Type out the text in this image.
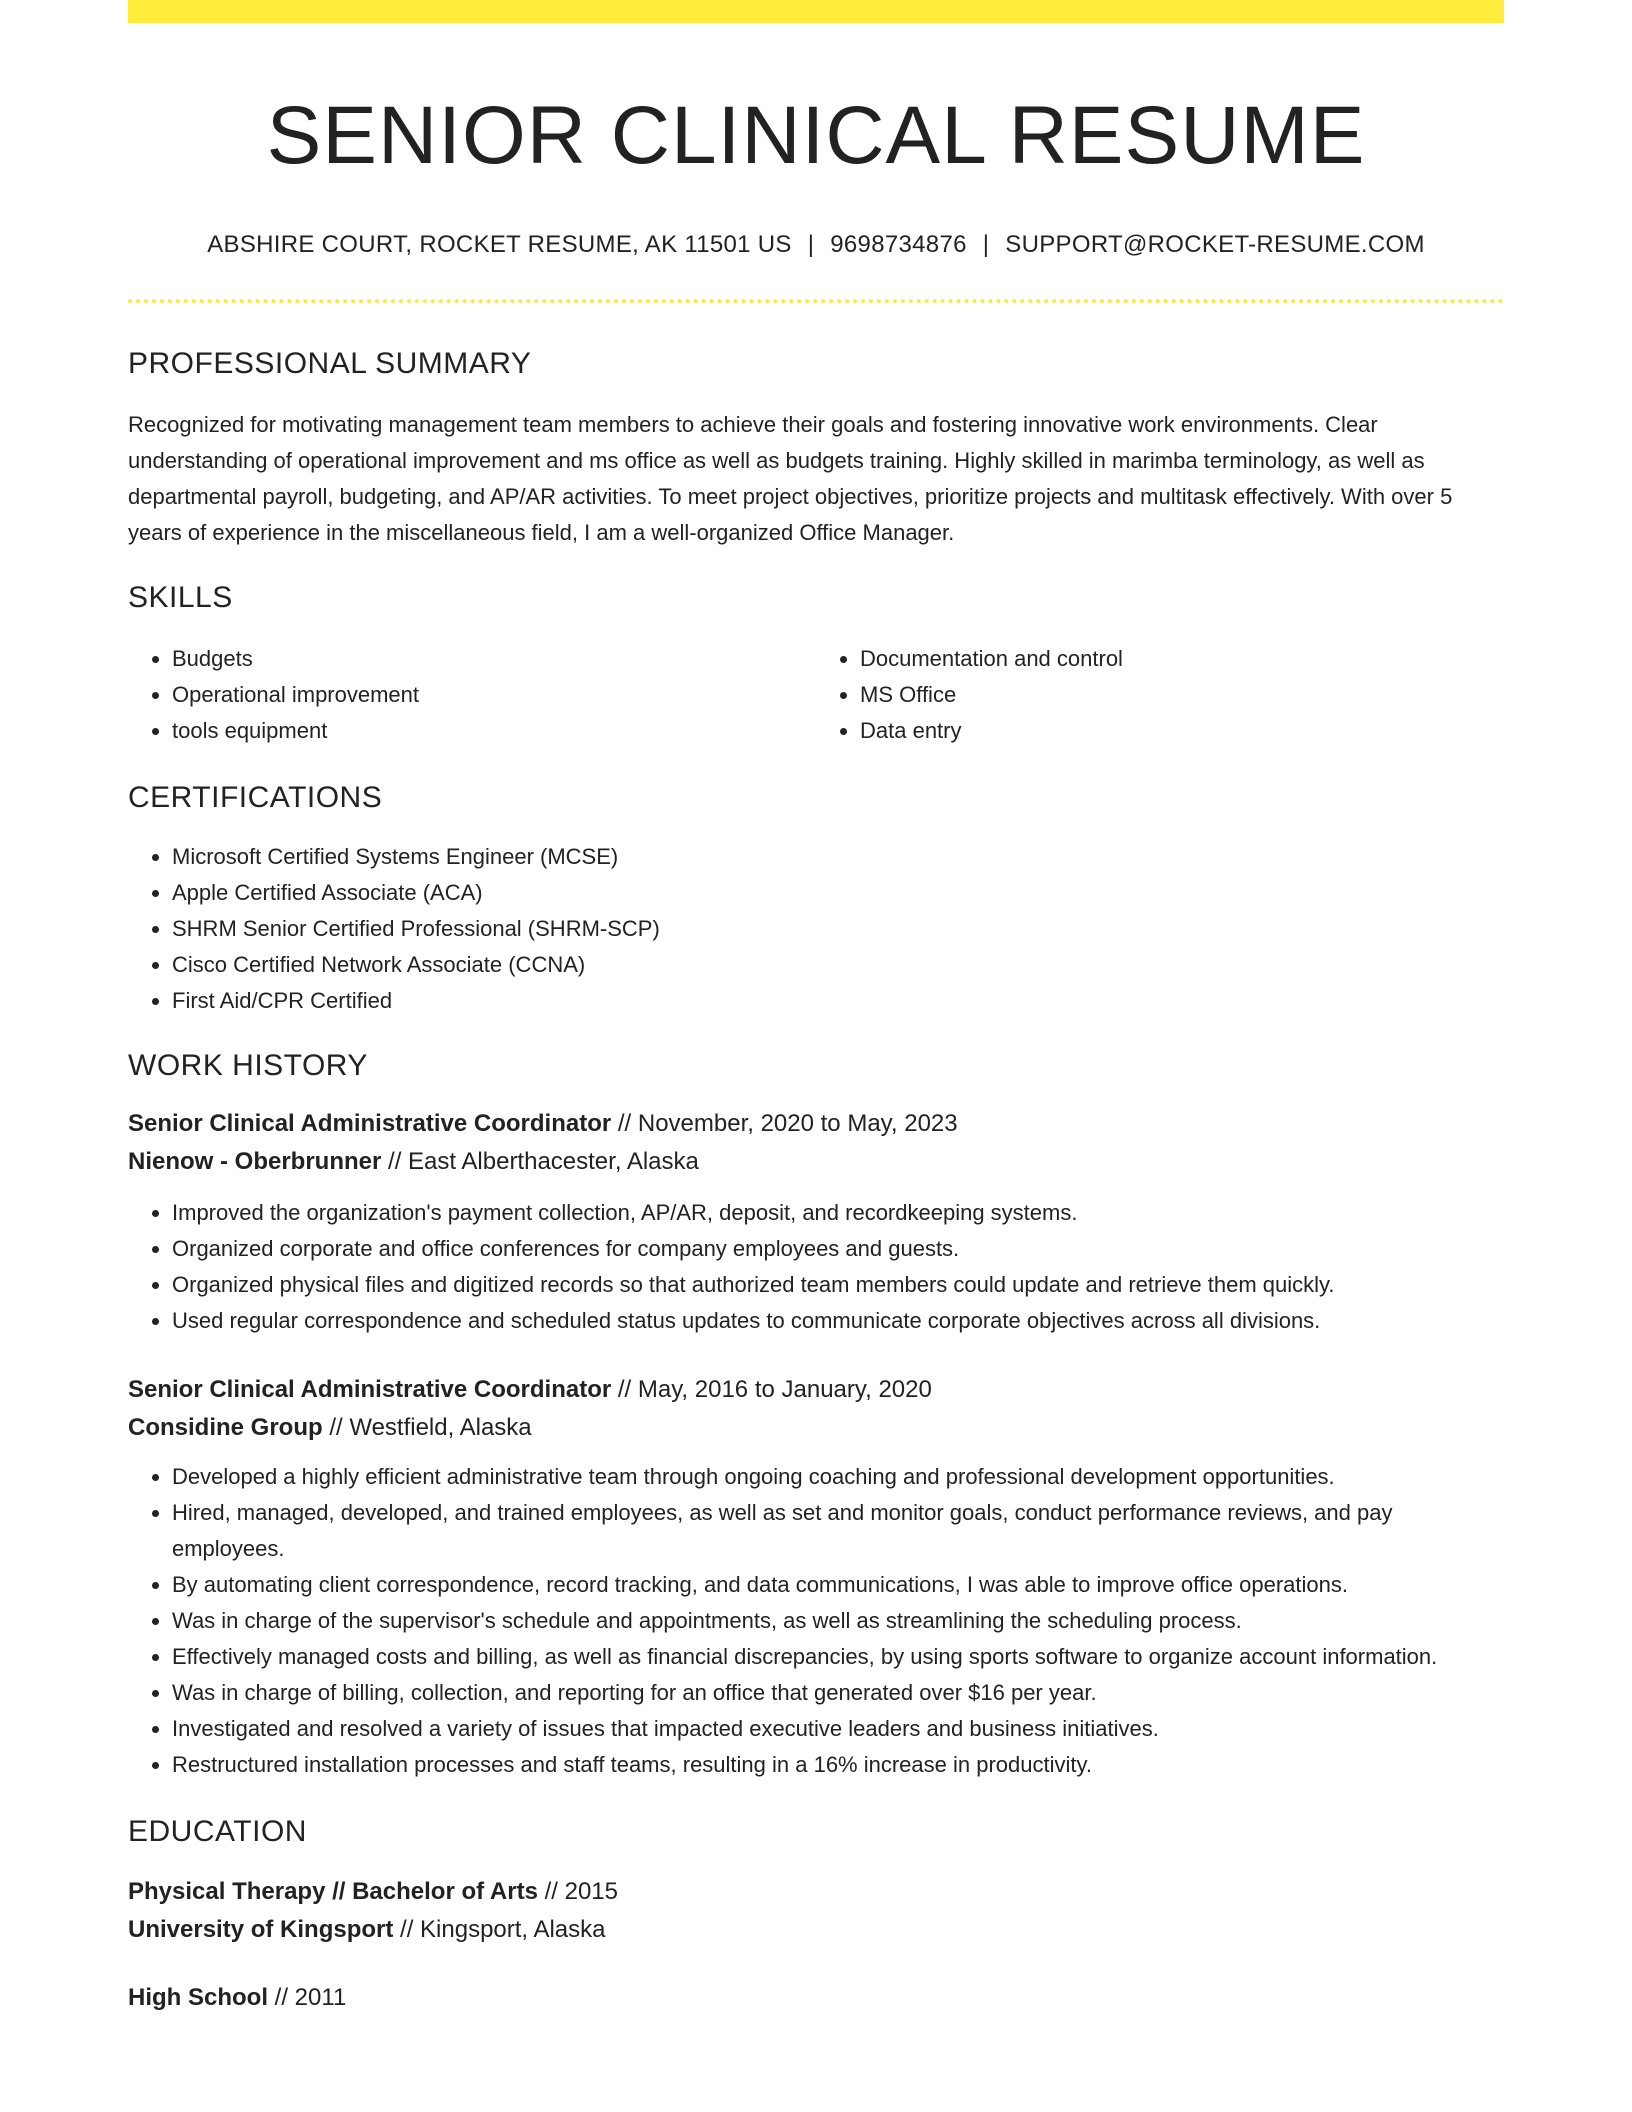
SENIOR CLINICAL RESUME
ABSHIRE COURT, ROCKET RESUME, AK 11501 US | 9698734876 | SUPPORT@ROCKET-RESUME.COM
PROFESSIONAL SUMMARY
Recognized for motivating management team members to achieve their goals and fostering innovative work environments. Clear understanding of operational improvement and ms office as well as budgets training. Highly skilled in marimba terminology, as well as departmental payroll, budgeting, and AP/AR activities. To meet project objectives, prioritize projects and multitask effectively. With over 5 years of experience in the miscellaneous field, I am a well-organized Office Manager.
SKILLS
• Budgets
• Operational improvement
• tools equipment
• Documentation and control
• MS Office
• Data entry
CERTIFICATIONS
• Microsoft Certified Systems Engineer (MCSE)
• Apple Certified Associate (ACA)
• SHRM Senior Certified Professional (SHRM-SCP)
• Cisco Certified Network Associate (CCNA)
• First Aid/CPR Certified
WORK HISTORY
Senior Clinical Administrative Coordinator // November, 2020 to May, 2023
Nienow - Oberbrunner // East Alberthacester, Alaska
• Improved the organization's payment collection, AP/AR, deposit, and recordkeeping systems.
• Organized corporate and office conferences for company employees and guests.
• Organized physical files and digitized records so that authorized team members could update and retrieve them quickly.
• Used regular correspondence and scheduled status updates to communicate corporate objectives across all divisions.
Senior Clinical Administrative Coordinator // May, 2016 to January, 2020
Considine Group // Westfield, Alaska
• Developed a highly efficient administrative team through ongoing coaching and professional development opportunities.
• Hired, managed, developed, and trained employees, as well as set and monitor goals, conduct performance reviews, and pay employees.
• By automating client correspondence, record tracking, and data communications, I was able to improve office operations.
• Was in charge of the supervisor's schedule and appointments, as well as streamlining the scheduling process.
• Effectively managed costs and billing, as well as financial discrepancies, by using sports software to organize account information.
• Was in charge of billing, collection, and reporting for an office that generated over $16 per year.
• Investigated and resolved a variety of issues that impacted executive leaders and business initiatives.
• Restructured installation processes and staff teams, resulting in a 16% increase in productivity.
EDUCATION
Physical Therapy // Bachelor of Arts // 2015
University of Kingsport // Kingsport, Alaska
High School // 2011
